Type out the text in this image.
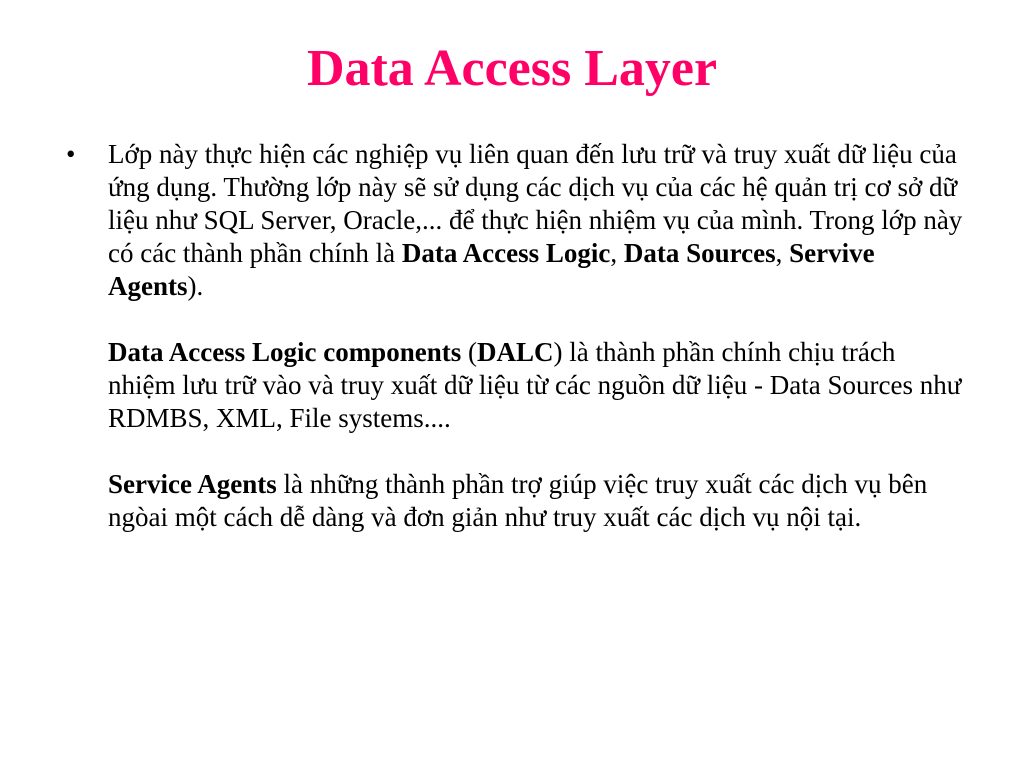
Data Access Layer
•	Lớp này thực hiện các nghiệp vụ liên quan đến lưu trữ và truy xuất dữ liệu của ứng dụng. Thường lớp này sẽ sử dụng các dịch vụ của các hệ quản trị cơ sở dữ liệu như SQL Server, Oracle,... để thực hiện nhiệm vụ của mình. Trong lớp này có các thành phần chính là Data Access Logic, Data Sources, Servive Agents).

Data Access Logic components (DALC) là thành phần chính chịu trách nhiệm lưu trữ vào và truy xuất dữ liệu từ các nguồn dữ liệu - Data Sources như RDMBS, XML, File systems....

Service Agents là những thành phần trợ giúp việc truy xuất các dịch vụ bên ngòai một cách dễ dàng và đơn giản như truy xuất các dịch vụ nội tại.
